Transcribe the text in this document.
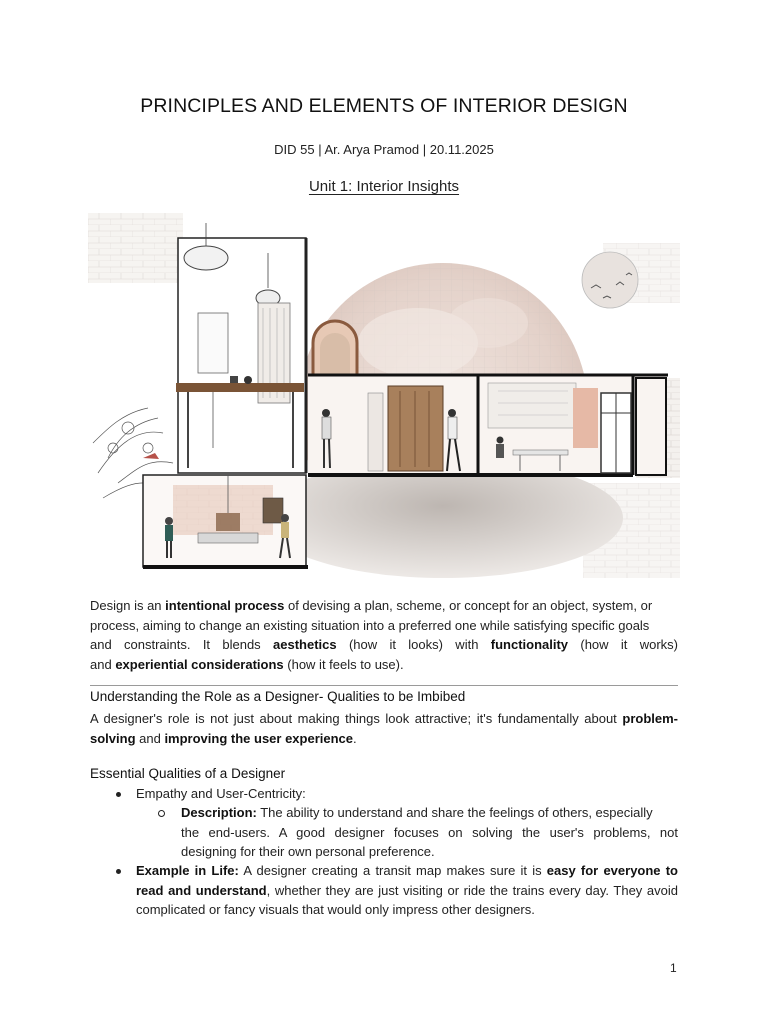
PRINCIPLES AND ELEMENTS OF INTERIOR DESIGN
DID 55 | Ar. Arya Pramod | 20.11.2025
Unit 1: Interior Insights
Design is an intentional process of devising a plan, scheme, or concept for an object, system, or
process, aiming to change an existing situation into a preferred one while satisfying specific goals
and constraints. It blends aesthetics (how it looks) with functionality (how it works)
and experiential considerations (how it feels to use).
Understanding the Role as a Designer- Qualities to be Imbibed
A designer's role is not just about making things look attractive; it's fundamentally about problem-
solving and improving the user experience.
Essential Qualities of a Designer
Empathy and User-Centricity:
Description: The ability to understand and share the feelings of others, especially
the end-users. A good designer focuses on solving the user's problems, not
designing for their own personal preference.
Example in Life: A designer creating a transit map makes sure it is easy for everyone to
read and understand, whether they are just visiting or ride the trains every day. They avoid
complicated or fancy visuals that would only impress other designers.
1
